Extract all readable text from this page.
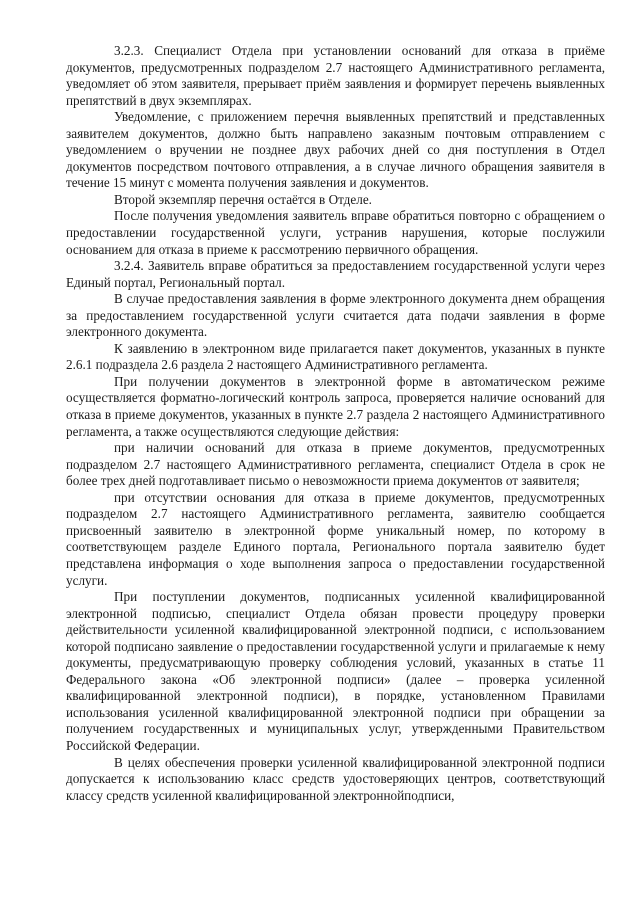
3.2.3. Специалист Отдела при установлении оснований для отказа в приёме документов, предусмотренных подразделом 2.7 настоящего Административного регламента, уведомляет об этом заявителя, прерывает приём заявления и формирует перечень выявленных препятствий в двух экземплярах.

Уведомление, с приложением перечня выявленных препятствий и представленных заявителем документов, должно быть направлено заказным почтовым отправлением с уведомлением о вручении не позднее двух рабочих дней со дня поступления в Отдел документов посредством почтового отправления, а в случае личного обращения заявителя в течение 15 минут с момента получения заявления и документов.

Второй экземпляр перечня остаётся в Отделе.

После получения уведомления заявитель вправе обратиться повторно с обращением о предоставлении государственной услуги, устранив нарушения, которые послужили основанием для отказа в приеме к рассмотрению первичного обращения.

3.2.4. Заявитель вправе обратиться за предоставлением государственной услуги через Единый портал, Региональный портал.

В случае предоставления заявления в форме электронного документа днем обращения за предоставлением государственной услуги считается дата подачи заявления в форме электронного документа.

К заявлению в электронном виде прилагается пакет документов, указанных в пункте 2.6.1 подраздела 2.6 раздела 2 настоящего Административного регламента.

При получении документов в электронной форме в автоматическом режиме осуществляется форматно-логический контроль запроса, проверяется наличие оснований для отказа в приеме документов, указанных в пункте 2.7 раздела 2 настоящего Административного регламента, а также осуществляются следующие действия:

при наличии оснований для отказа в приеме документов, предусмотренных подразделом 2.7 настоящего Административного регламента, специалист Отдела в срок не более трех дней подготавливает письмо о невозможности приема документов от заявителя;

при отсутствии основания для отказа в приеме документов, предусмотренных подразделом 2.7 настоящего Административного регламента, заявителю сообщается присвоенный заявителю в электронной форме уникальный номер, по которому в соответствующем разделе Единого портала, Регионального портала заявителю будет представлена информация о ходе выполнения запроса о предоставлении государственной услуги.

При поступлении документов, подписанных усиленной квалифицированной электронной подписью, специалист Отдела обязан провести процедуру проверки действительности усиленной квалифицированной электронной подписи, с использованием которой подписано заявление о предоставлении государственной услуги и прилагаемые к нему документы, предусматривающую проверку соблюдения условий, указанных в статье 11 Федерального закона «Об электронной подписи» (далее – проверка усиленной квалифицированной электронной подписи), в порядке, установленном Правилами использования усиленной квалифицированной электронной подписи при обращении за получением государственных и муниципальных услуг, утвержденными Правительством Российской Федерации.

В целях обеспечения проверки усиленной квалифицированной электронной подписи допускается к использованию класс средств удостоверяющих центров, соответствующий классу средств усиленной квалифицированной электроннойподписи,
